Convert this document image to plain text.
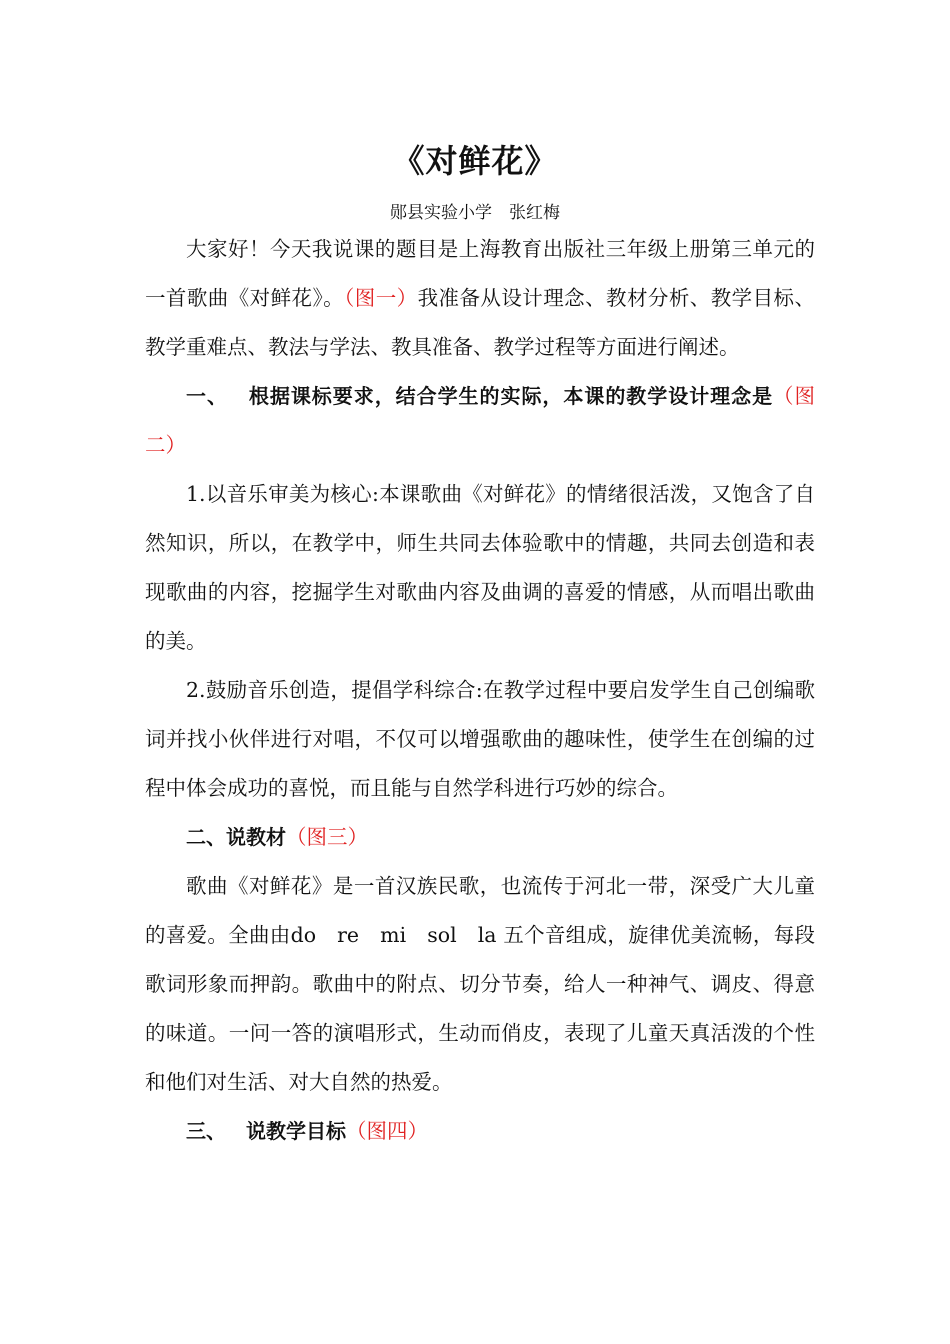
《对鲜花》
郧县实验小学　张红梅

大家好！今天我说课的题目是上海教育出版社三年级上册第三单元的一首歌曲《对鲜花》。（图一）我准备从设计理念、教材分析、教学目标、教学重难点、教法与学法、教具准备、教学过程等方面进行阐述。

一、 根据课标要求，结合学生的实际，本课的教学设计理念是（图二）

1.以音乐审美为核心:本课歌曲《对鲜花》的情绪很活泼，又饱含了自然知识，所以，在教学中，师生共同去体验歌中的情趣，共同去创造和表现歌曲的内容，挖掘学生对歌曲内容及曲调的喜爱的情感，从而唱出歌曲的美。

2.鼓励音乐创造，提倡学科综合:在教学过程中要启发学生自己创编歌词并找小伙伴进行对唱，不仅可以增强歌曲的趣味性，使学生在创编的过程中体会成功的喜悦，而且能与自然学科进行巧妙的综合。

二、说教材（图三）

歌曲《对鲜花》是一首汉族民歌，也流传于河北一带，深受广大儿童的喜爱。全曲由do　re　mi　sol　la 五个音组成，旋律优美流畅，每段歌词形象而押韵。歌曲中的附点、切分节奏，给人一种神气、调皮、得意的味道。一问一答的演唱形式，生动而俏皮，表现了儿童天真活泼的个性和他们对生活、对大自然的热爱。

三、 说教学目标（图四）
